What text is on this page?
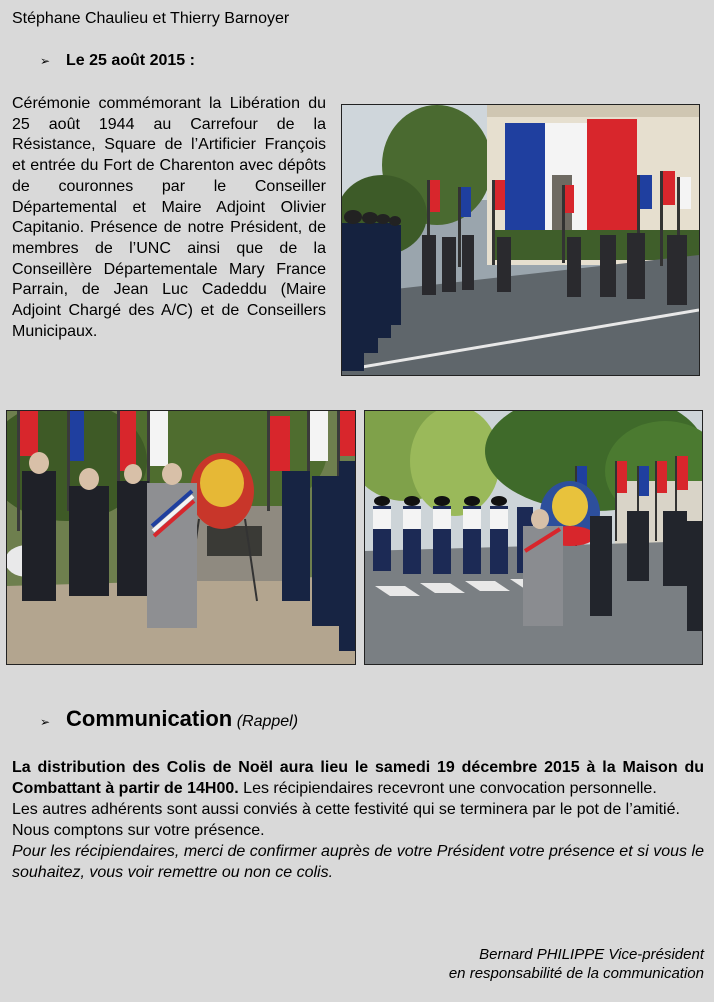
Stéphane Chaulieu et Thierry Barnoyer
➢ Le 25 août 2015 :
Cérémonie commémorant la Libération du 25 août 1944 au Carrefour de la Résistance, Square de l’Artificier François et entrée du Fort de Charenton avec dépôts de couronnes par le Conseiller Départemental et Maire Adjoint Olivier Capitanio. Présence de notre Président, de membres de l’UNC ainsi que de la Conseillère Départementale Mary France Parrain, de Jean Luc Cadeddu (Maire Adjoint Chargé des A/C) et de Conseillers Municipaux.
➢ Communication (Rappel)

La distribution des Colis de Noël aura lieu le samedi 19 décembre 2015 à la Maison du Combattant à partir de 14H00. Les récipiendaires recevront une convocation personnelle.

Les autres adhérents sont aussi conviés à cette festivité qui se terminera par le pot de l’amitié.

Nous comptons sur votre présence.

Pour les récipiendaires, merci de confirmer auprès de votre Président votre présence et si vous le souhaitez, vous voir remettre ou non ce colis.

Bernard PHILIPPE Vice-président
en responsabilité de la communication
